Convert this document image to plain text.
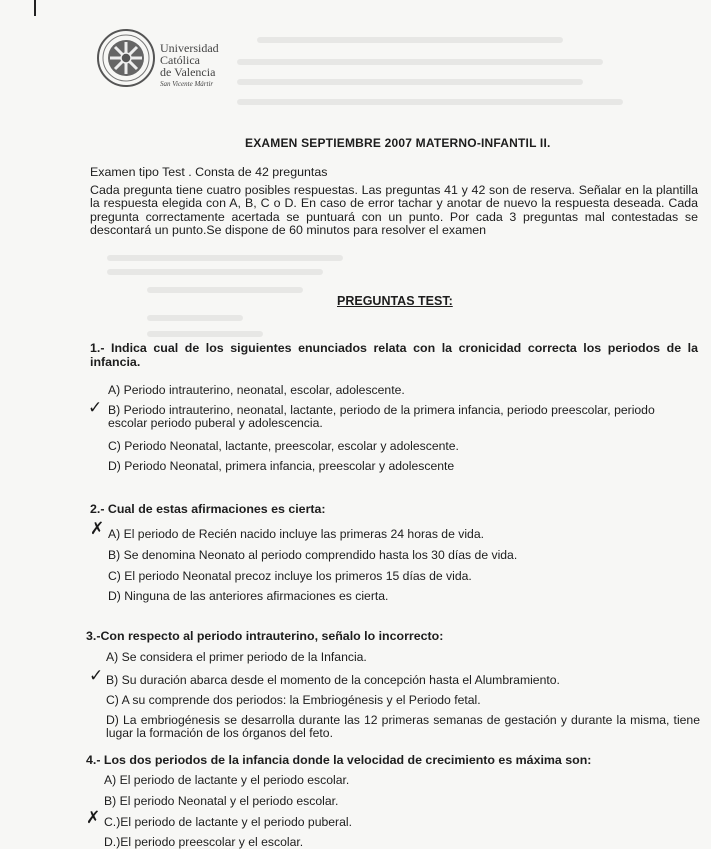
Universidad
Católica
de Valencia
San Vicente Mártir
EXAMEN SEPTIEMBRE 2007 MATERNO-INFANTIL II.
Examen tipo Test . Consta de 42 preguntas
Cada pregunta tiene cuatro posibles respuestas. Las preguntas 41 y 42 son de reserva. Señalar en la plantilla la respuesta elegida con A, B, C o D. En caso de error tachar y anotar de nuevo la respuesta deseada. Cada pregunta correctamente acertada se puntuará con un punto. Por cada 3 preguntas mal contestadas se descontará un punto.Se dispone de 60 minutos para resolver el examen
PREGUNTAS TEST:
1.- Indica cual de los siguientes enunciados relata con la cronicidad correcta los periodos de la infancia.
A) Periodo intrauterino, neonatal, escolar, adolescente.
✓ B) Periodo intrauterino, neonatal, lactante, periodo de la primera infancia, periodo preescolar, periodo escolar periodo puberal y adolescencia.
C) Periodo Neonatal, lactante, preescolar, escolar y adolescente.
D) Periodo Neonatal, primera infancia, preescolar y adolescente
2.- Cual de estas afirmaciones es cierta:
✗ A) El periodo de Recién nacido incluye las primeras 24 horas de vida.
B) Se denomina Neonato al periodo comprendido hasta los 30 días de vida.
C) El periodo Neonatal precoz incluye los primeros 15 días de vida.
D) Ninguna de las anteriores afirmaciones es cierta.
3.-Con respecto al periodo intrauterino, señalo lo incorrecto:
A) Se considera el primer periodo de la Infancia.
✓ B) Su duración abarca desde el momento de la concepción hasta el Alumbramiento.
C) A su comprende dos periodos: la Embriogénesis y el Periodo fetal.
D) La embriogénesis se desarrolla durante las 12 primeras semanas de gestación y durante la misma, tiene lugar la formación de los órganos del feto.
4.- Los dos periodos de la infancia donde la velocidad de crecimiento es máxima son:
A) El periodo de lactante y el periodo escolar.
B) El periodo Neonatal y el periodo escolar.
✗ C.)El periodo de lactante y el periodo puberal.
D.)El periodo preescolar y el escolar.
